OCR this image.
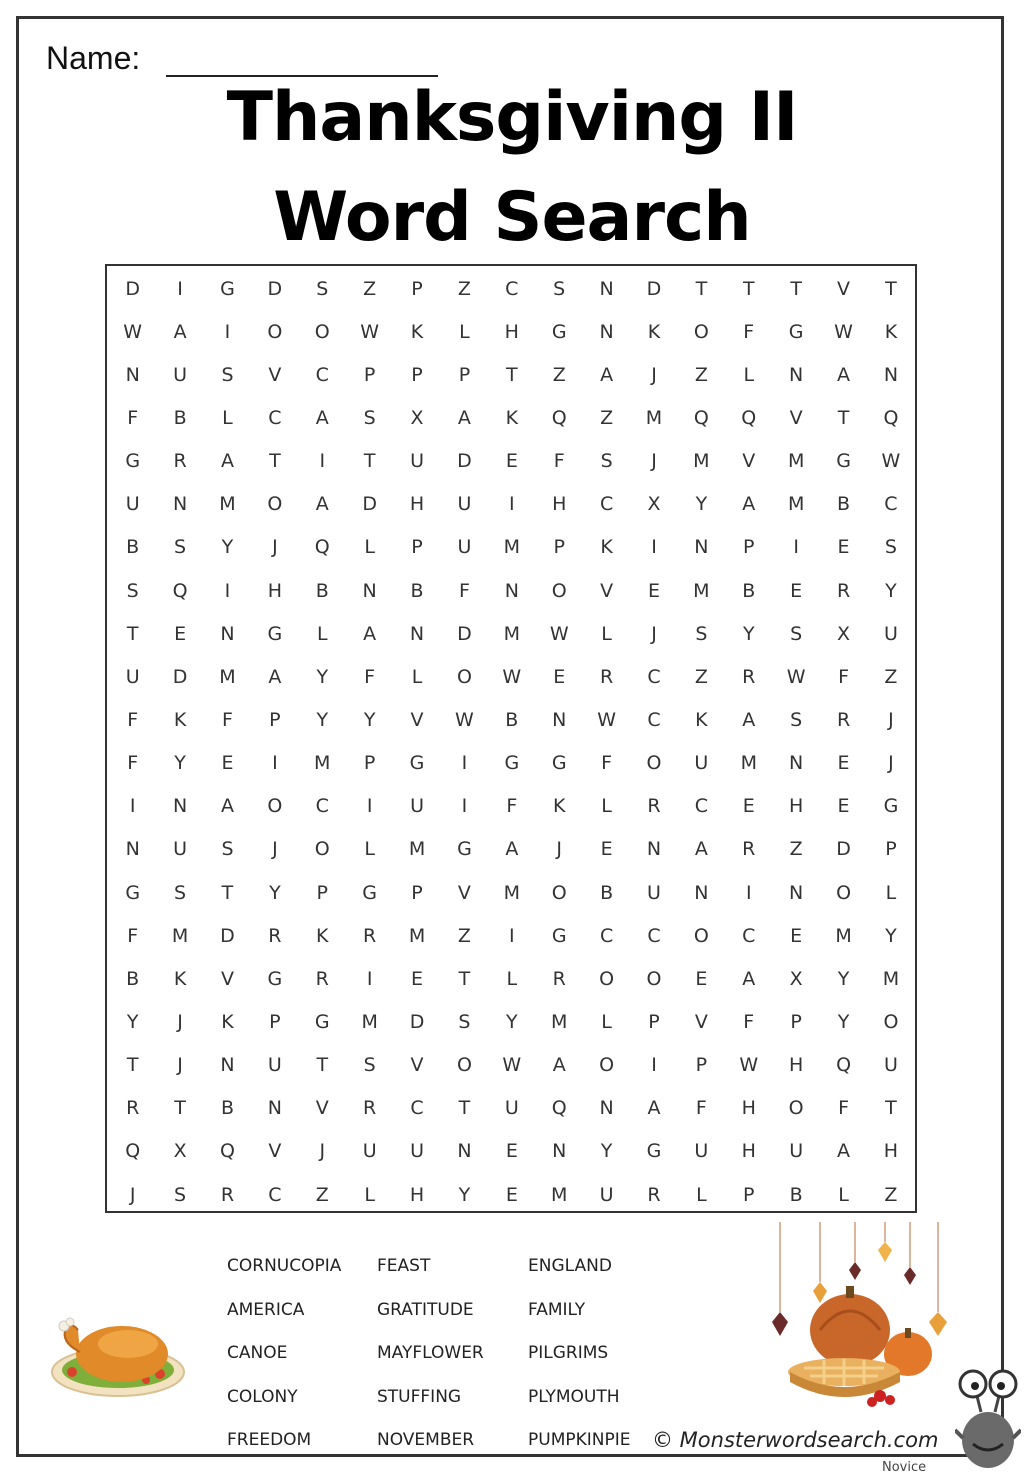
Name:
Thanksgiving II
Word Search
D	I	G	D	S	Z	P	Z	C	S	N	D	T	T	T	V	T
W	A	I	O	O	W	K	L	H	G	N	K	O	F	G	W	K
N	U	S	V	C	P	P	P	T	Z	A	J	Z	L	N	A	N
F	B	L	C	A	S	X	A	K	Q	Z	M	Q	Q	V	T	Q
G	R	A	T	I	T	U	D	E	F	S	J	M	V	M	G	W
U	N	M	O	A	D	H	U	I	H	C	X	Y	A	M	B	C
B	S	Y	J	Q	L	P	U	M	P	K	I	N	P	I	E	S
S	Q	I	H	B	N	B	F	N	O	V	E	M	B	E	R	Y
T	E	N	G	L	A	N	D	M	W	L	J	S	Y	S	X	U
U	D	M	A	Y	F	L	O	W	E	R	C	Z	R	W	F	Z
F	K	F	P	Y	Y	V	W	B	N	W	C	K	A	S	R	J
F	Y	E	I	M	P	G	I	G	G	F	O	U	M	N	E	J
I	N	A	O	C	I	U	I	F	K	L	R	C	E	H	E	G
N	U	S	J	O	L	M	G	A	J	E	N	A	R	Z	D	P
G	S	T	Y	P	G	P	V	M	O	B	U	N	I	N	O	L
F	M	D	R	K	R	M	Z	I	G	C	C	O	C	E	M	Y
B	K	V	G	R	I	E	T	L	R	O	O	E	A	X	Y	M
Y	J	K	P	G	M	D	S	Y	M	L	P	V	F	P	Y	O
T	J	N	U	T	S	V	O	W	A	O	I	P	W	H	Q	U
R	T	B	N	V	R	C	T	U	Q	N	A	F	H	O	F	T
Q	X	Q	V	J	U	U	N	E	N	Y	G	U	H	U	A	H
J	S	R	C	Z	L	H	Y	E	M	U	R	L	P	B	L	Z
CORNUCOPIA
AMERICA
CANOE
COLONY
FREEDOM
FEAST
GRATITUDE
MAYFLOWER
STUFFING
NOVEMBER
ENGLAND
FAMILY
PILGRIMS
PLYMOUTH
PUMPKINPIE © Monsterwordsearch.com
Novice
